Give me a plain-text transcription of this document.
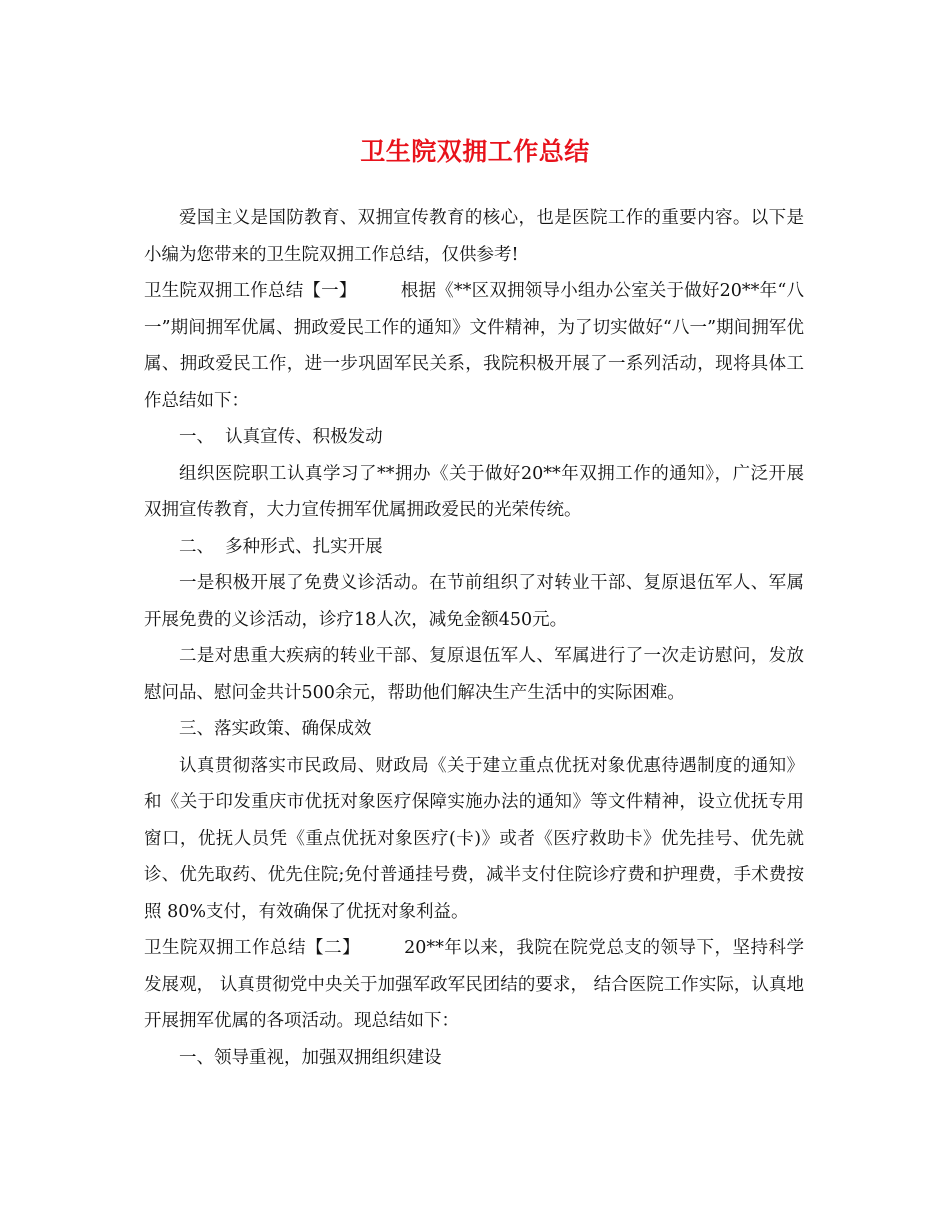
卫生院双拥工作总结

爱国主义是国防教育、双拥宣传教育的核心，也是医院工作的重要内容。以下是小编为您带来的卫生院双拥工作总结，仅供参考!

卫生院双拥工作总结【一】	根据《**区双拥领导小组办公室关于做好20**年“八一”期间拥军优属、拥政爱民工作的通知》文件精神，为了切实做好“八一”期间拥军优属、拥政爱民工作，进一步巩固军民关系，我院积极开展了一系列活动，现将具体工作总结如下：

一、  认真宣传、积极发动

组织医院职工认真学习了**拥办《关于做好20**年双拥工作的通知》，广泛开展双拥宣传教育，大力宣传拥军优属拥政爱民的光荣传统。

二、  多种形式、扎实开展

一是积极开展了免费义诊活动。在节前组织了对转业干部、复原退伍军人、军属开展免费的义诊活动，诊疗18人次，减免金额450元。

二是对患重大疾病的转业干部、复原退伍军人、军属进行了一次走访慰问，发放慰问品、慰问金共计500余元，帮助他们解决生产生活中的实际困难。

三、落实政策、确保成效

认真贯彻落实市民政局、财政局《关于建立重点优抚对象优惠待遇制度的通知》和《关于印发重庆市优抚对象医疗保障实施办法的通知》等文件精神，设立优抚专用窗口，优抚人员凭《重点优抚对象医疗(卡)》或者《医疗救助卡》优先挂号、优先就诊、优先取药、优先住院;免付普通挂号费，减半支付住院诊疗费和护理费，手术费按照 80%支付，有效确保了优抚对象利益。

卫生院双拥工作总结【二】	20**年以来，我院在院党总支的领导下，坚持科学发展观， 认真贯彻党中央关于加强军政军民团结的要求， 结合医院工作实际，认真地开展拥军优属的各项活动。现总结如下：

一、领导重视，加强双拥组织建设
